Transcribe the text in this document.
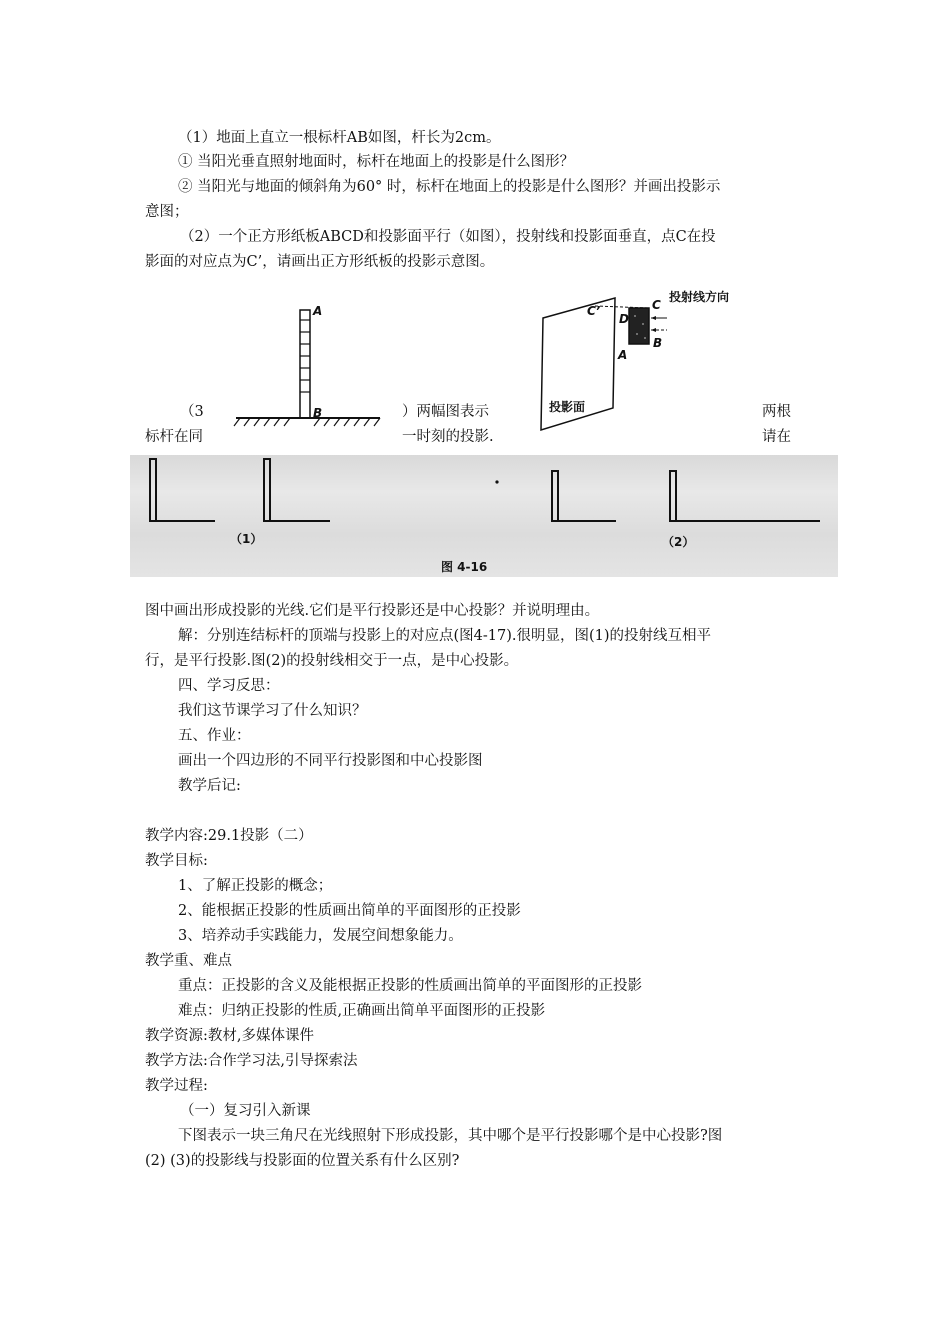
（1）地面上直立一根标杆AB如图，杆长为2cm。
① 当阳光垂直照射地面时，标杆在地面上的投影是什么图形？
② 当阳光与地面的倾斜角为60° 时，标杆在地面上的投影是什么图形？并画出投影示
意图；
（2）一个正方形纸板ABCD和投影面平行（如图），投射线和投影面垂直，点C在投
影面的对应点为C’，请画出正方形纸板的投影示意图。
A
B
投射线方向
C’	C
D
B
A
投影面
（3	）两幅图表示	两根
标杆在同	一时刻的投影.	请在
（1）	（2）
图 4-16
图中画出形成投影的光线.它们是平行投影还是中心投影？并说明理由。
解：分别连结标杆的顶端与投影上的对应点(图4-17).很明显，图(1)的投射线互相平
行，是平行投影.图(2)的投射线相交于一点，是中心投影。
四、学习反思：
我们这节课学习了什么知识？
五、作业：
画出一个四边形的不同平行投影图和中心投影图
教学后记:
教学内容:29.1投影（二）
教学目标:
1、了解正投影的概念；
2、能根据正投影的性质画出简单的平面图形的正投影
3、培养动手实践能力，发展空间想象能力。
教学重、难点
重点：正投影的含义及能根据正投影的性质画出简单的平面图形的正投影
难点：归纳正投影的性质,正确画出简单平面图形的正投影
教学资源:教材,多媒体课件
教学方法:合作学习法,引导探索法
教学过程:
（一）复习引入新课
下图表示一块三角尺在光线照射下形成投影，其中哪个是平行投影哪个是中心投影?图
(2) (3)的投影线与投影面的位置关系有什么区别?
